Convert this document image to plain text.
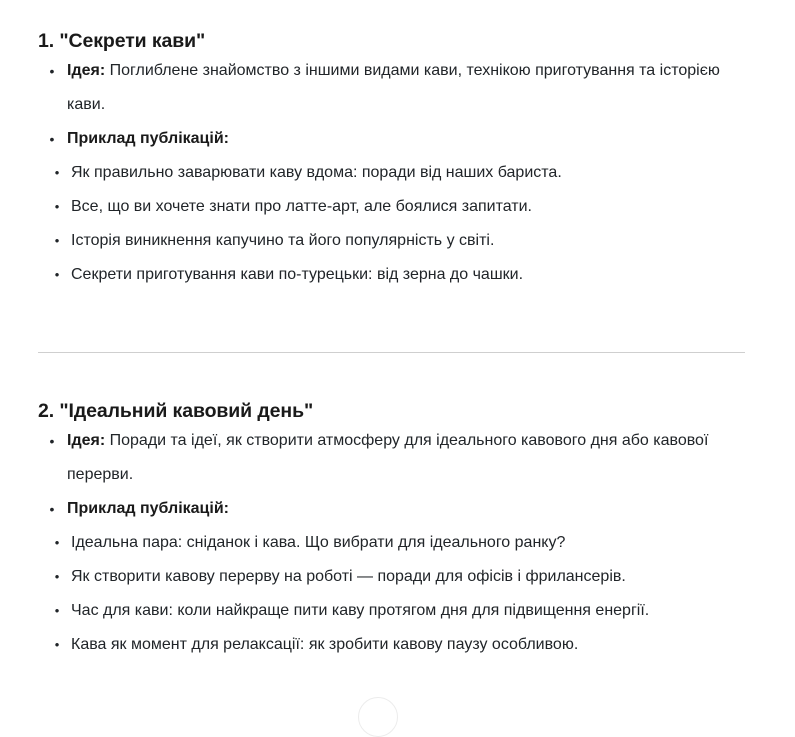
1. "Секрети кави"
• Ідея: Поглиблене знайомство з іншими видами кави, технікою приготування та історією кави.
• Приклад публікацій:
• Як правильно заварювати каву вдома: поради від наших бариста.
• Все, що ви хочете знати про латте-арт, але боялися запитати.
• Історія виникнення капучино та його популярність у світі.
• Секрети приготування кави по-турецьки: від зерна до чашки.
2. "Ідеальний кавовий день"
• Ідея: Поради та ідеї, як створити атмосферу для ідеального кавового дня або кавової перерви.
• Приклад публікацій:
• Ідеальна пара: сніданок і кава. Що вибрати для ідеального ранку?
• Як створити кавову перерву на роботі — поради для офісів і фрилансерів.
• Час для кави: коли найкраще пити каву протягом дня для підвищення енергії.
• Кава як момент для релаксації: як зробити кавову паузу особливою.
